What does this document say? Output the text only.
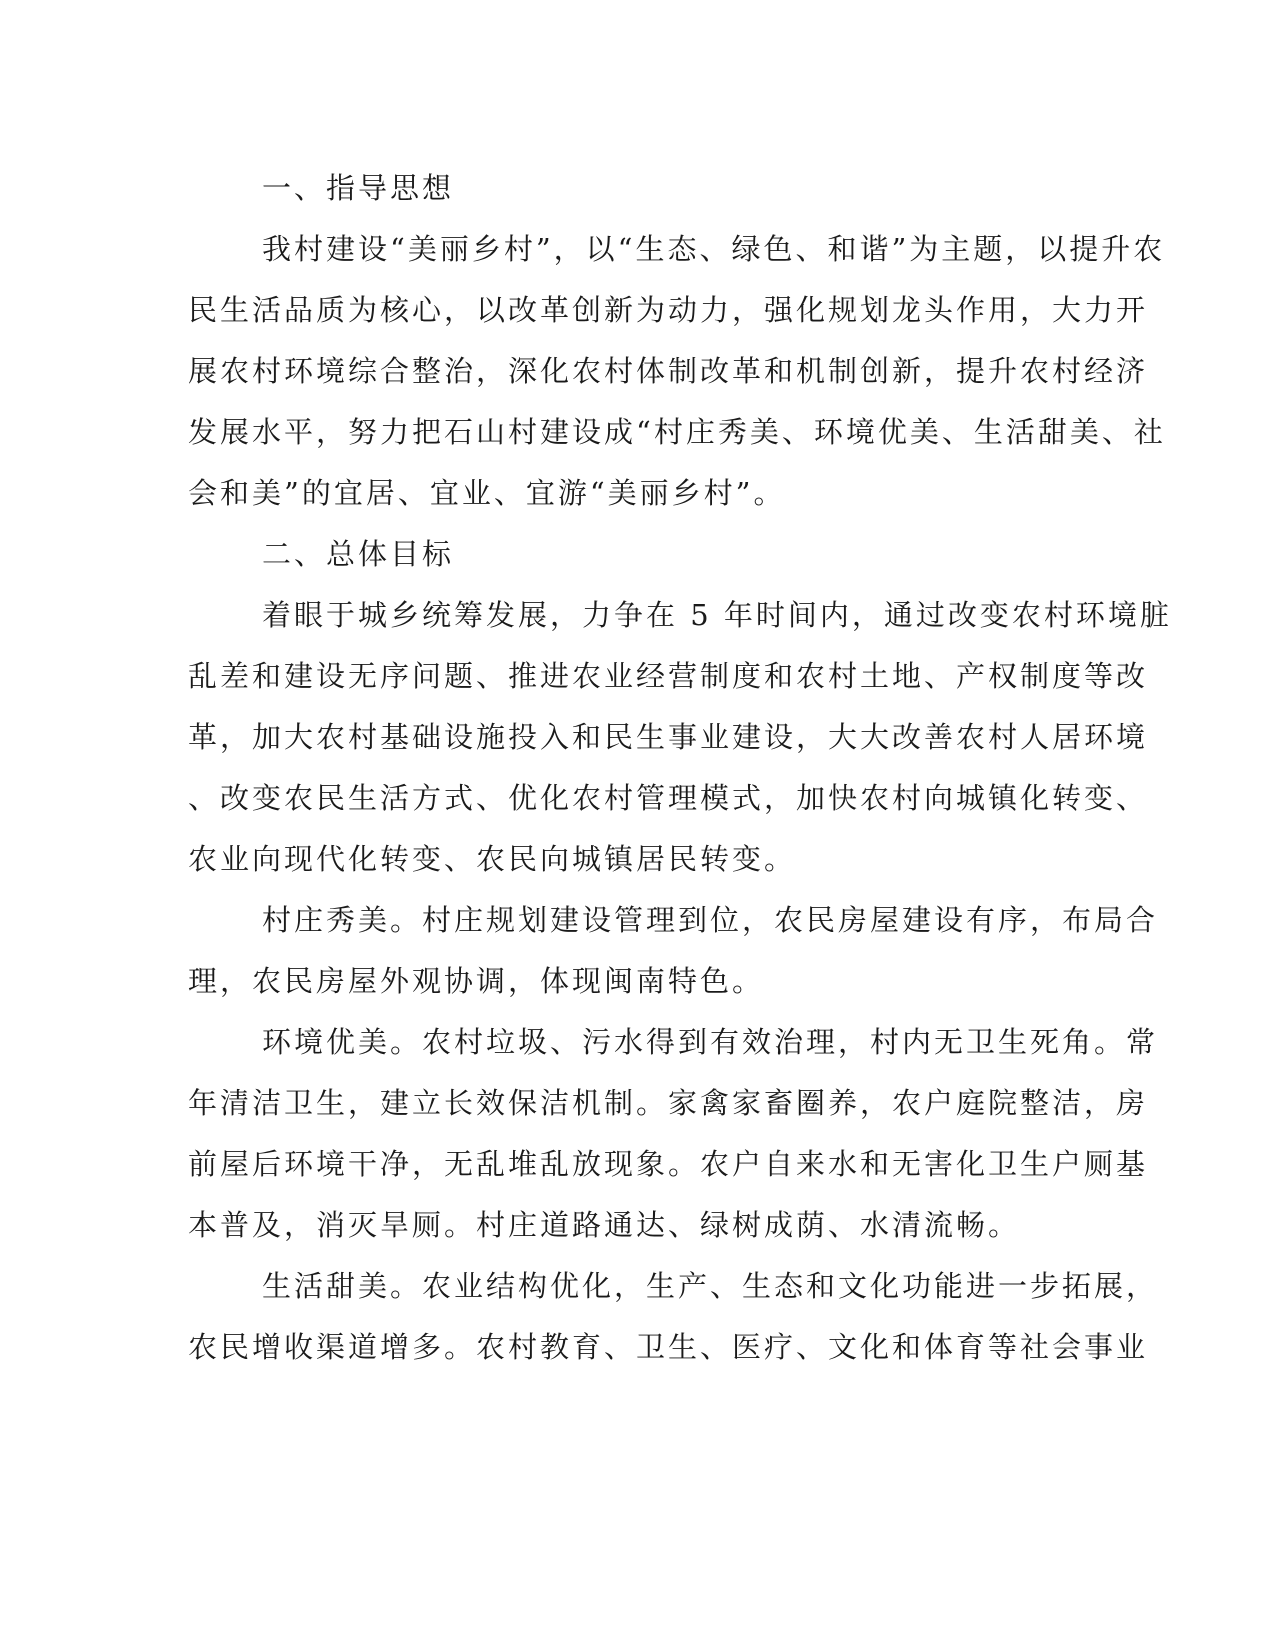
一、指导思想
我村建设“美丽乡村”，以“生态、绿色、和谐”为主题，以提升农
民生活品质为核心，以改革创新为动力，强化规划龙头作用，大力开
展农村环境综合整治，深化农村体制改革和机制创新，提升农村经济
发展水平，努力把石山村建设成“村庄秀美、环境优美、生活甜美、社
会和美”的宜居、宜业、宜游“美丽乡村”。
二、总体目标
着眼于城乡统筹发展，力争在 5 年时间内，通过改变农村环境脏
乱差和建设无序问题、推进农业经营制度和农村土地、产权制度等改
革，加大农村基础设施投入和民生事业建设，大大改善农村人居环境
、改变农民生活方式、优化农村管理模式，加快农村向城镇化转变、
农业向现代化转变、农民向城镇居民转变。
村庄秀美。村庄规划建设管理到位，农民房屋建设有序，布局合
理，农民房屋外观协调，体现闽南特色。
环境优美。农村垃圾、污水得到有效治理，村内无卫生死角。常
年清洁卫生，建立长效保洁机制。家禽家畜圈养，农户庭院整洁，房
前屋后环境干净，无乱堆乱放现象。农户自来水和无害化卫生户厕基
本普及，消灭旱厕。村庄道路通达、绿树成荫、水清流畅。
生活甜美。农业结构优化，生产、生态和文化功能进一步拓展，
农民增收渠道增多。农村教育、卫生、医疗、文化和体育等社会事业
